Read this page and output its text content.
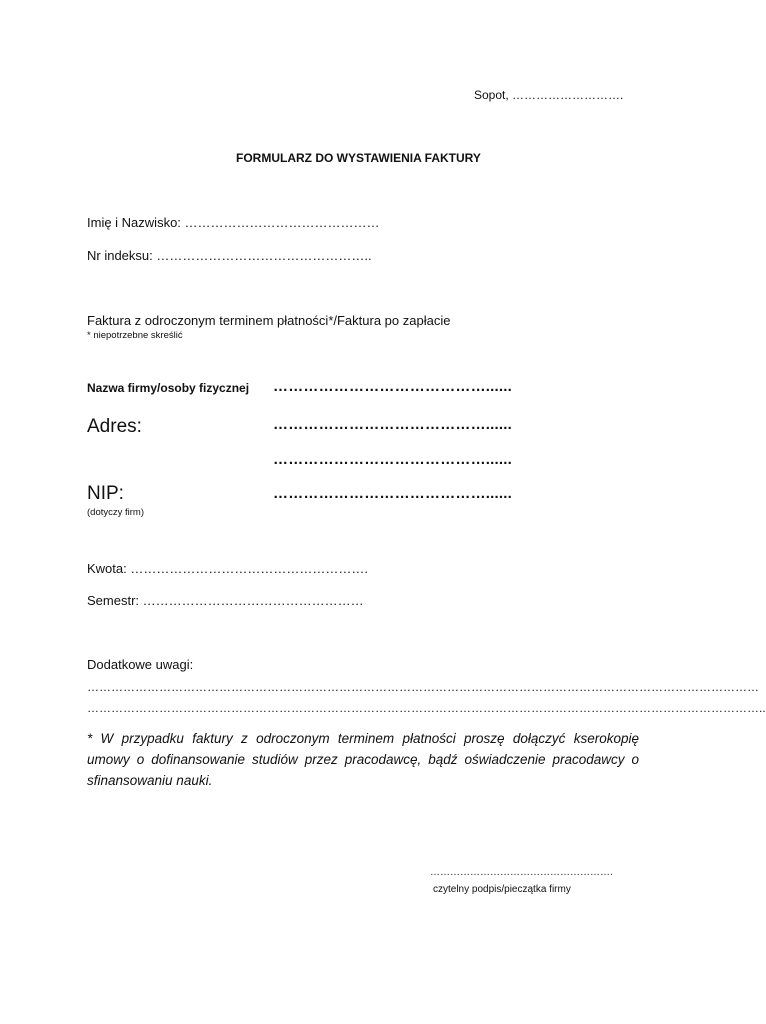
Sopot, ……………………….
FORMULARZ DO WYSTAWIENIA FAKTURY
Imię i Nazwisko: ………………………………………
Nr indeksu: …………………………………………..
Faktura z odroczonym terminem płatności*/Faktura po zapłacie
* niepotrzebne skreślić
Nazwa firmy/osoby fizycznej ……………………………………......
Adres:	……………………………………......
……………………………………......
NIP:	……………………………………......
(dotyczy firm)
Kwota: ……………………………………………….
Semestr: ……………………………………………
Dodatkowe uwagi:
……………………………………………………………………………………………………………………………………………………
……………………………………………………………………………………………………………………………………………………..
* W przypadku faktury z odroczonym terminem płatności proszę dołączyć kserokopię umowy o dofinansowanie studiów przez pracodawcę, bądź oświadczenie pracodawcy o sfinansowaniu nauki.
……………………………………………….
czytelny podpis/pieczątka firmy
